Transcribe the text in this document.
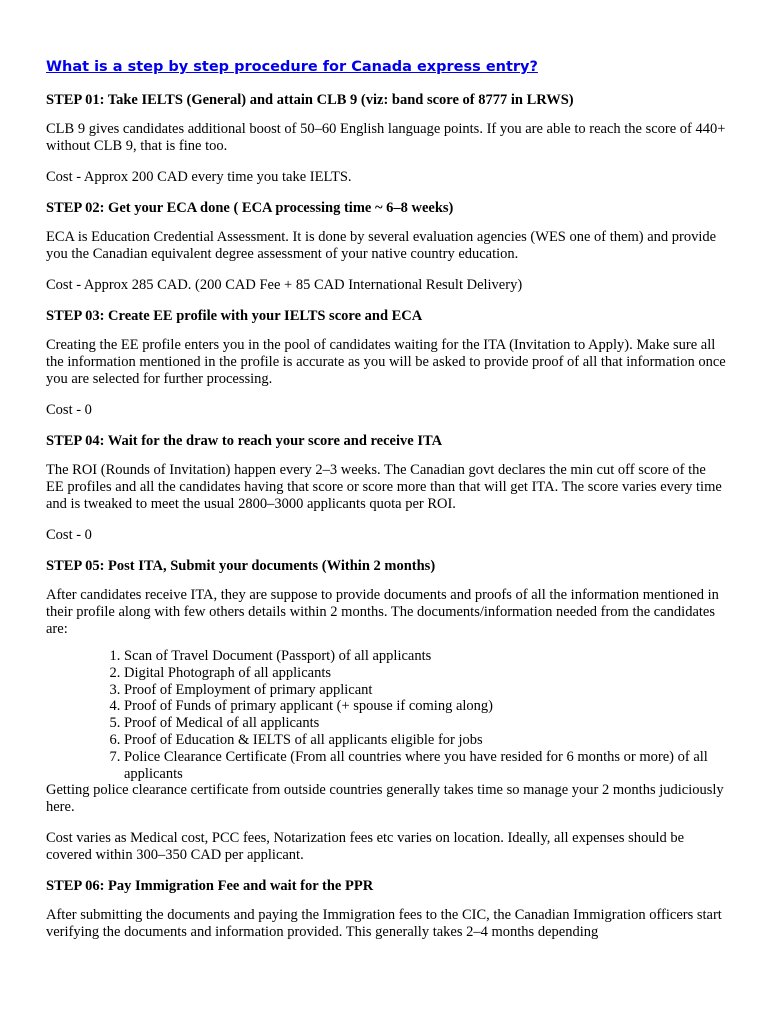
What is a step by step procedure for Canada express entry?
STEP 01: Take IELTS (General) and attain CLB 9 (viz: band score of 8777 in LRWS)

CLB 9 gives candidates additional boost of 50–60 English language points. If you are able to reach the score of 440+ without CLB 9, that is fine too.

Cost - Approx 200 CAD every time you take IELTS.

STEP 02: Get your ECA done ( ECA processing time ~ 6–8 weeks)

ECA is Education Credential Assessment. It is done by several evaluation agencies (WES one of them) and provide you the Canadian equivalent degree assessment of your native country education.

Cost - Approx 285 CAD. (200 CAD Fee + 85 CAD International Result Delivery)

STEP 03: Create EE profile with your IELTS score and ECA

Creating the EE profile enters you in the pool of candidates waiting for the ITA (Invitation to Apply). Make sure all the information mentioned in the profile is accurate as you will be asked to provide proof of all that information once you are selected for further processing.

Cost - 0

STEP 04: Wait for the draw to reach your score and receive ITA

The ROI (Rounds of Invitation) happen every 2–3 weeks. The Canadian govt declares the min cut off score of the EE profiles and all the candidates having that score or score more than that will get ITA. The score varies every time and is tweaked to meet the usual 2800–3000 applicants quota per ROI.

Cost - 0

STEP 05: Post ITA, Submit your documents (Within 2 months)

After candidates receive ITA, they are suppose to provide documents and proofs of all the information mentioned in their profile along with few others details within 2 months. The documents/information needed from the candidates are:

1. Scan of Travel Document (Passport) of all applicants
2. Digital Photograph of all applicants
3. Proof of Employment of primary applicant
4. Proof of Funds of primary applicant (+ spouse if coming along)
5. Proof of Medical of all applicants
6. Proof of Education & IELTS of all applicants eligible for jobs
7. Police Clearance Certificate (From all countries where you have resided for 6 months or more) of all applicants

Getting police clearance certificate from outside countries generally takes time so manage your 2 months judiciously here.

Cost varies as Medical cost, PCC fees, Notarization fees etc varies on location. Ideally, all expenses should be covered within 300–350 CAD per applicant.

STEP 06: Pay Immigration Fee and wait for the PPR

After submitting the documents and paying the Immigration fees to the CIC, the Canadian Immigration officers start verifying the documents and information provided. This generally takes 2–4 months depending
